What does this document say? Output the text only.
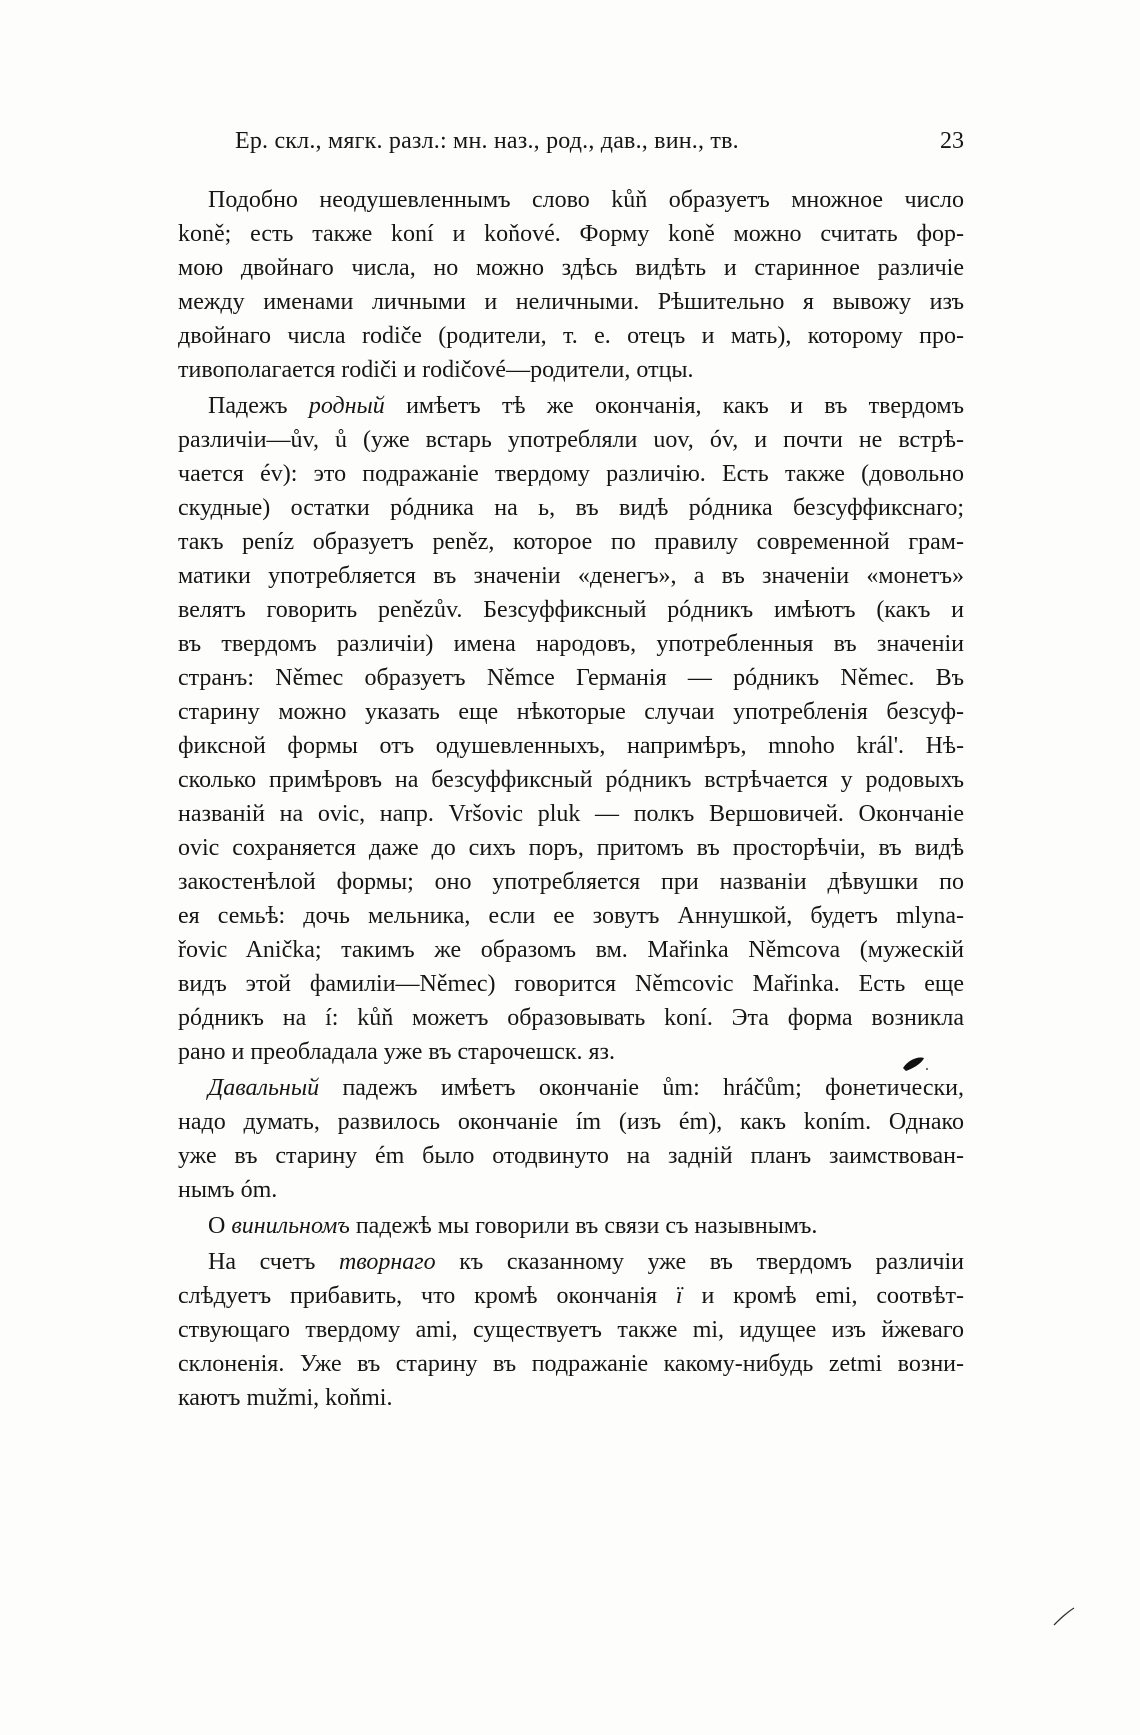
Ер. скл., мягк. разл.: мн. наз., род., дав., вин., тв.	23
Подобно неодушевленнымъ слово kůň образуетъ множное число
koně; есть также koní и koňové. Форму koně можно считать фор-
мою двойнаго числа, но можно здѣсь видѣть и старинное различіе
между именами личными и неличными. Рѣшительно я вывожу изъ
двойнаго числа rodiče (родители, т. е. отецъ и мать), которому про-
тивополагается rodiči и rodičové—родители, отцы.
Падежъ родный имѣетъ тѣ же окончанія, какъ и въ твердомъ
различіи—ův, ů (уже встарь употребляли uov, óv, и почти не встрѣ-
чается év): это подражаніе твердому различію. Есть также (довольно
скудные) остатки рóдника на ь, въ видѣ рóдника безсуффикснаго;
такъ peníz образуетъ peněz, которое по правилу современной грам-
матики употребляется въ значеніи «денегъ», а въ значеніи «монетъ»
велятъ говорить penězův. Безсуффиксный рóдникъ имѣютъ (какъ и
въ твердомъ различіи) имена народовъ, употребленныя въ значеніи
странъ: Němec образуетъ Němce Германія — рóдникъ Němec. Въ
старину можно указать еще нѣкоторые случаи употребленія безсуф-
фиксной формы отъ одушевленныхъ, напримѣръ, mnoho král'. Нѣ-
сколько примѣровъ на безсуффиксный рóдникъ встрѣчается у родовыхъ
названій на ovic, напр. Vršovic pluk — полкъ Вершовичей. Окончаніе
ovic сохраняется даже до сихъ поръ, притомъ въ просторѣчіи, въ видѣ
закостенѣлой формы; оно употребляется при названіи дѣвушки по
ея семьѣ: дочь мельника, если ее зовутъ Аннушкой, будетъ mlyna-
řovic Anička; такимъ же образомъ вм. Mařinka Němcova (мужескій
видъ этой фамиліи—Němec) говорится Němcovic Mařinka. Есть еще
рóдникъ на í: kůň можетъ образовывать koní. Эта форма возникла
рано и преобладала уже въ старочешск. яз.
Давальный падежъ имѣетъ окончаніе ům: hráčům; фонетически,
надо думать, развилось окончаніе ím (изъ ém), какъ koním. Однако
уже въ старину ém было отодвинуто на задній планъ заимствован-
нымъ óm.
О винильномъ падежѣ мы говорили въ связи съ назывнымъ.
На счетъ творнаго къ сказанному уже въ твердомъ различіи
слѣдуетъ прибавить, что кромѣ окончанія ї и кромѣ emi, соотвѣт-
ствующаго твердому ami, существуетъ также mi, идущее изъ йжеваго
склоненія. Уже въ старину въ подражаніе какому-нибудь zetmi возни-
каютъ mužmi, koňmi.
